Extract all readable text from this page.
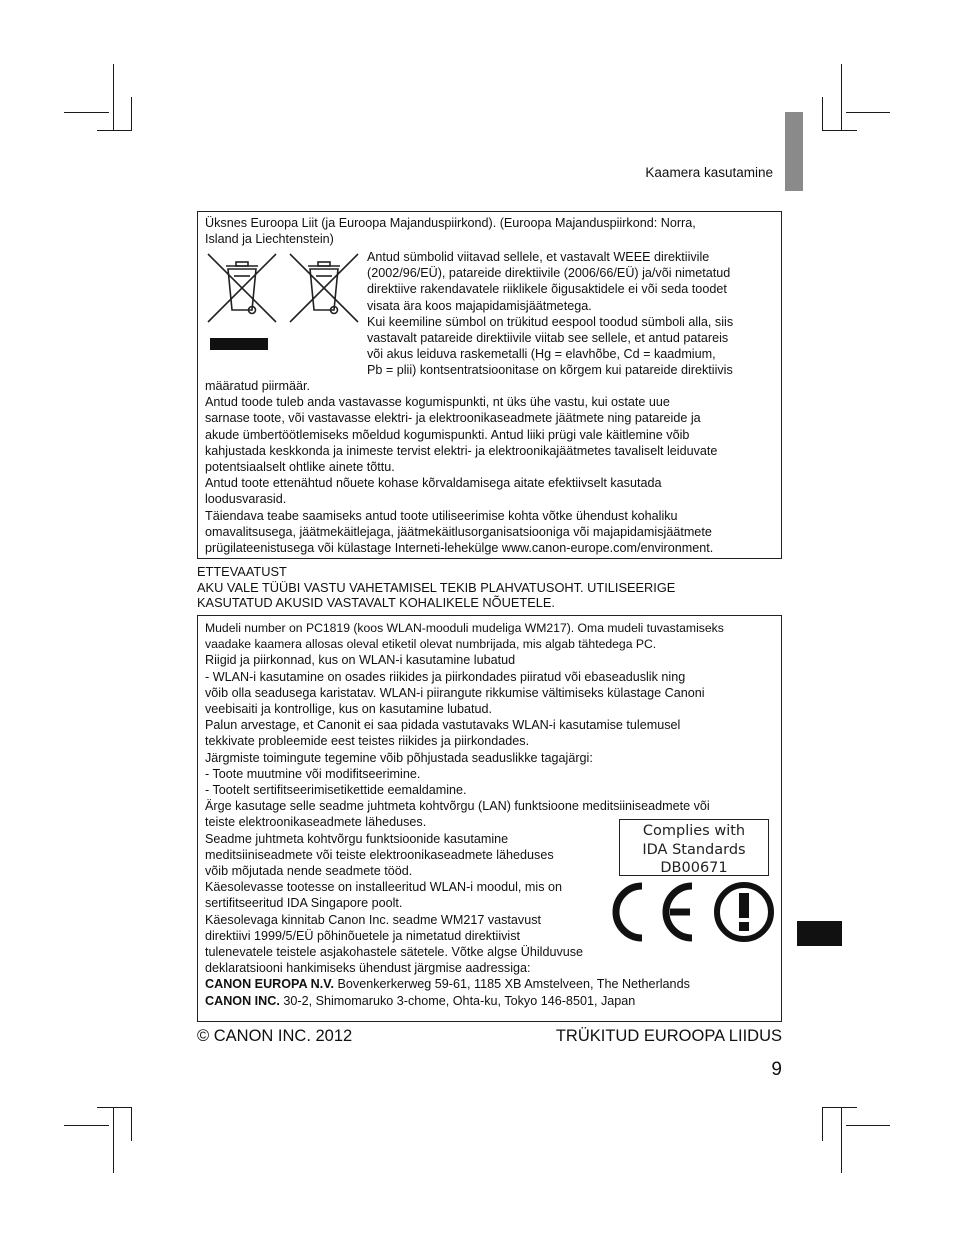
Kaamera kasutamine
Üksnes Euroopa Liit (ja Euroopa Majanduspiirkond). (Euroopa Majanduspiirkond: Norra,
Island ja Liechtenstein)
Antud sümbolid viitavad sellele, et vastavalt WEEE direktiivile
(2002/96/EÜ), patareide direktiivile (2006/66/EÜ) ja/või nimetatud
direktiive rakendavatele riiklikele õigusaktidele ei või seda toodet
visata ära koos majapidamisjäätmetega.
Kui keemiline sümbol on trükitud eespool toodud sümboli alla, siis
vastavalt patareide direktiivile viitab see sellele, et antud patareis
või akus leiduva raskemetalli (Hg = elavhõbe, Cd = kaadmium,
Pb = plii) kontsentratsioonitase on kõrgem kui patareide direktiivis
määratud piirmäär.
Antud toode tuleb anda vastavasse kogumispunkti, nt üks ühe vastu, kui ostate uue
sarnase toote, või vastavasse elektri- ja elektroonikaseadmete jäätmete ning patareide ja
akude ümbertöötlemiseks mõeldud kogumispunkti. Antud liiki prügi vale käitlemine võib
kahjustada keskkonda ja inimeste tervist elektri- ja elektroonikajäätmetes tavaliselt leiduvate
potentsiaalselt ohtlike ainete tõttu.
Antud toote ettenähtud nõuete kohase kõrvaldamisega aitate efektiivselt kasutada
loodusvarasid.
Täiendava teabe saamiseks antud toote utiliseerimise kohta võtke ühendust kohaliku
omavalitsusega, jäätmekäitlejaga, jäätmekäitlusorganisatsiooniga või majapidamisjäätmete
prügilateenistusega või külastage Interneti-lehekülge www.canon-europe.com/environment.
ETTEVAATUST
AKU VALE TÜÜBI VASTU VAHETAMISEL TEKIB PLAHVATUSOHT. UTILISEERIGE
KASUTATUD AKUSID VASTAVALT KOHALIKELE NÕUETELE.
Mudeli number on PC1819 (koos WLAN-mooduli mudeliga WM217). Oma mudeli tuvastamiseks
vaadake kaamera allosas oleval etiketil olevat numbrijada, mis algab tähtedega PC.
Riigid ja piirkonnad, kus on WLAN-i kasutamine lubatud
- WLAN-i kasutamine on osades riikides ja piirkondades piiratud või ebaseaduslik ning
võib olla seadusega karistatav. WLAN-i piirangute rikkumise vältimiseks külastage Canoni
veebisaiti ja kontrollige, kus on kasutamine lubatud.
Palun arvestage, et Canonit ei saa pidada vastutavaks WLAN-i kasutamise tulemusel
tekkivate probleemide eest teistes riikides ja piirkondades.
Järgmiste toimingute tegemine võib põhjustada seaduslikke tagajärgi:
- Toote muutmine või modifitseerimine.
- Tootelt sertifitseerimisetikettide eemaldamine.
Ärge kasutage selle seadme juhtmeta kohtvõrgu (LAN) funktsioone meditsiiniseadmete või
teiste elektroonikaseadmete läheduses.
Seadme juhtmeta kohtvõrgu funktsioonide kasutamine
meditsiiniseadmete või teiste elektroonikaseadmete läheduses
võib mõjutada nende seadmete tööd.
Käesolevasse tootesse on installeeritud WLAN-i moodul, mis on
sertifitseeritud IDA Singapore poolt.
Käesolevaga kinnitab Canon Inc. seadme WM217 vastavust
direktiivi 1999/5/EÜ põhinõuetele ja nimetatud direktiivist
tulenevatele teistele asjakohastele sätetele. Võtke algse Ühilduvuse
deklaratsiooni hankimiseks ühendust järgmise aadressiga:
CANON EUROPA N.V. Bovenkerkerweg 59-61, 1185 XB Amstelveen, The Netherlands
CANON INC. 30-2, Shimomaruko 3-chome, Ohta-ku, Tokyo 146-8501, Japan
Complies with
IDA Standards
DB00671
© CANON INC. 2012	TRÜKITUD EUROOPA LIIDUS
9
